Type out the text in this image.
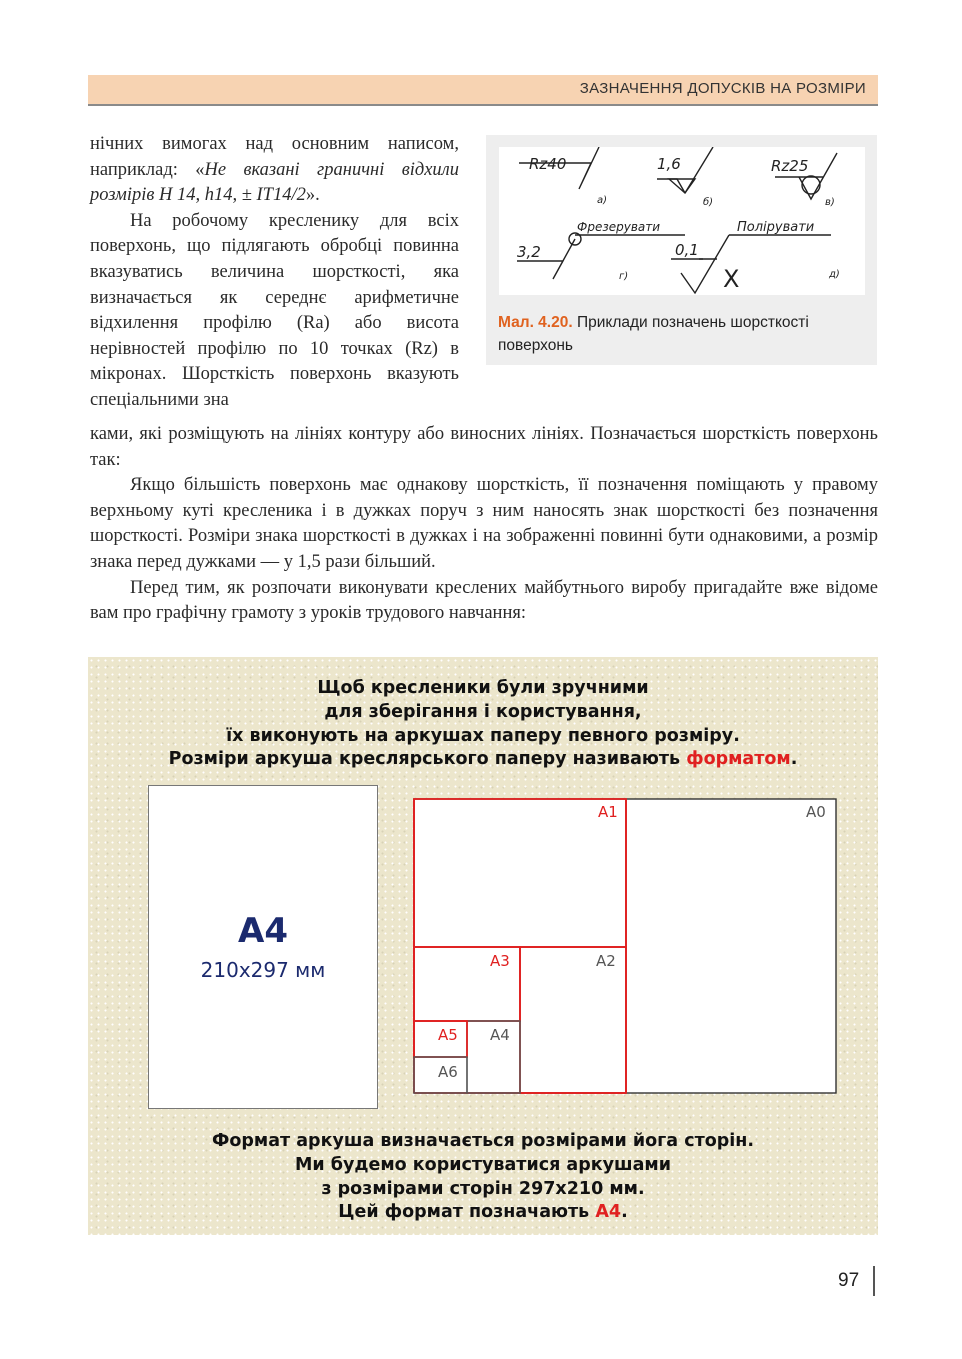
ЗАЗНАЧЕННЯ ДОПУСКІВ НА РОЗМІРИ

нічних вимогах над основним написом, наприклад: «Не вказані граничні відхили розмірів H 14, h14, ± IT14/2».

На робочому кресленику для всіх поверхонь, що підлягають обробці повинна вказуватись величина шорсткості, яка визначається як середнє арифметичне відхилення профілю (Ra) або висота нерівностей профілю по 10 точках (Rz) в мікронах. Шорсткість поверхонь вказують спеціальними зна

ками, які розміщують на лініях контуру або виносних лініях. Позначається шорсткість поверхонь так:

Якщо більшість поверхонь має однакову шорсткість, її позначення поміщають у правому верхньому куті кресленика і в дужках поруч з ним наносять знак шорсткості без позначення шорсткості. Розміри знака шорсткості в дужках і на зображенні повинні бути однаковими, а розмір знака перед дужками — у 1,5 рази більший.

Перед тим, як розпочати виконувати креслених майбутнього виробу пригадайте вже відоме вам про графічну грамоту з уроків трудового навчання:

Rz40
а)
1,6
б)
Rz25
в)
Фрезерувати	Полірувати
3,2
г)
0,1
X	д)
Мал. 4.20. Приклади позначень шорсткості поверхонь
Щоб креслeники були зручними
для зберігання і користування,
їх виконують на аркушах паперу певного розміру.
Розміри аркуша креслярського паперу називають форматом.
А4
210х297 мм
А0
А1
А2
А3
А4
А5
А6
Формат аркуша визначається розмірами йога сторін.
Ми будемо користуватися аркушами
з розмірами сторін 297х210 мм.
Цей формат позначають А4.
97
